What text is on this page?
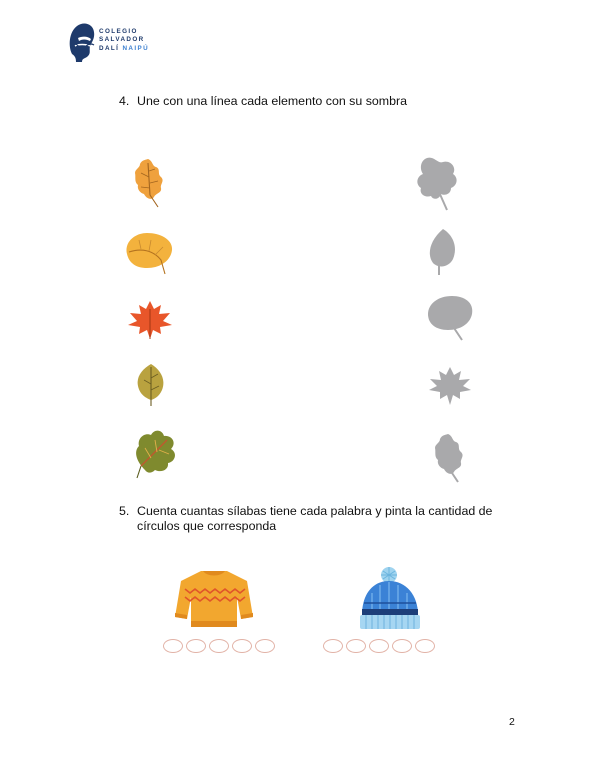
COLEGIO
SALVADOR
DALÍ NAIPÚ
4. Une con una línea cada elemento con su sombra
5. Cuenta cuantas sílabas tiene cada palabra y pinta la cantidad de círculos que corresponda
2
